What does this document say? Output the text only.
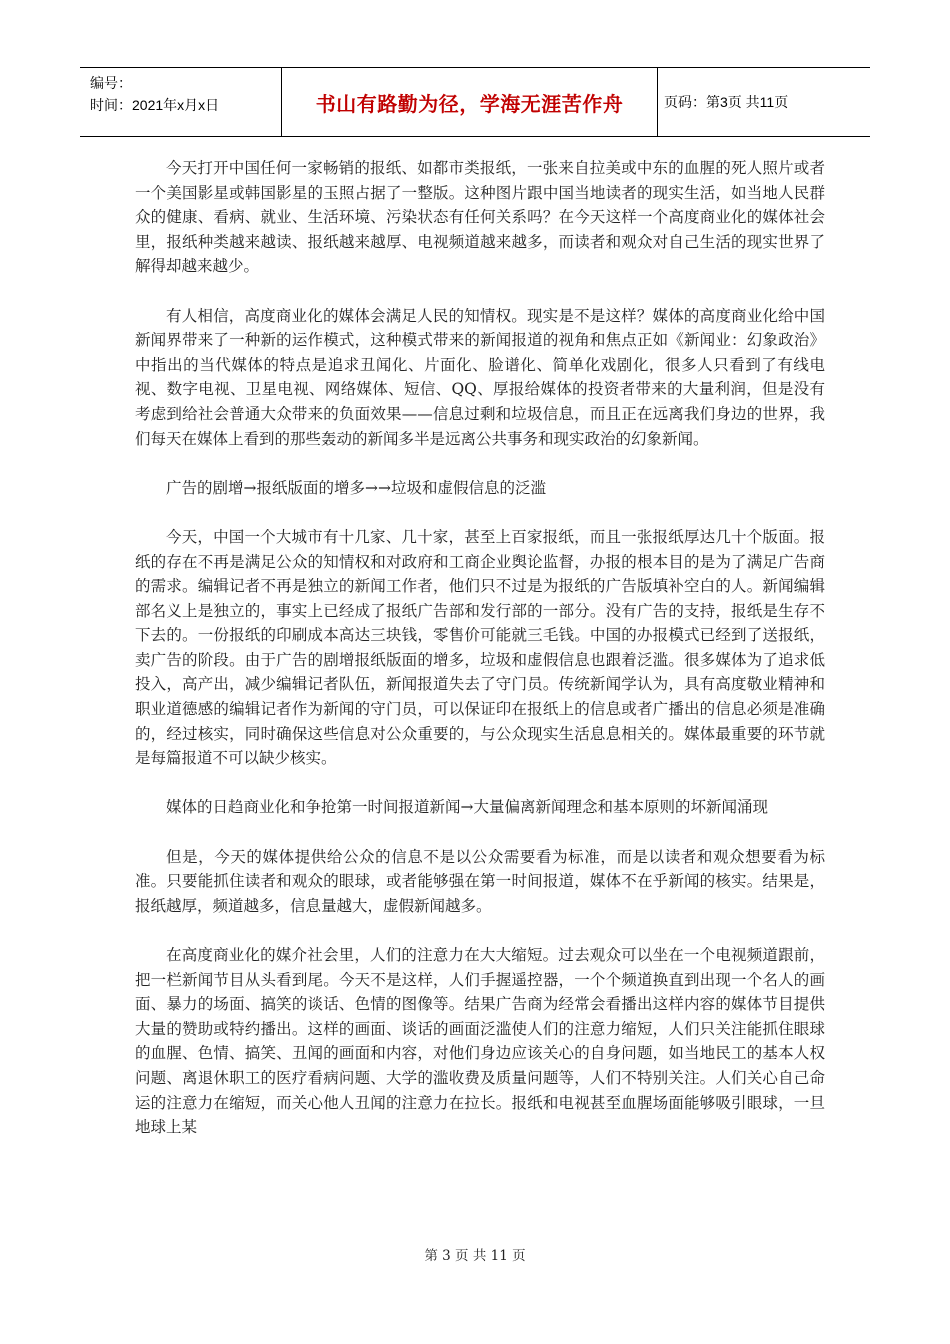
编号：
时间：2021年x月x日	书山有路勤为径，学海无涯苦作舟	页码：第3页 共11页

今天打开中国任何一家畅销的报纸、如都市类报纸，一张来自拉美或中东的血腥的死人照片或者一个美国影星或韩国影星的玉照占据了一整版。这种图片跟中国当地读者的现实生活，如当地人民群众的健康、看病、就业、生活环境、污染状态有任何关系吗？在今天这样一个高度商业化的媒体社会里，报纸种类越来越读、报纸越来越厚、电视频道越来越多，而读者和观众对自己生活的现实世界了解得却越来越少。

有人相信，高度商业化的媒体会满足人民的知情权。现实是不是这样？媒体的高度商业化给中国新闻界带来了一种新的运作模式，这种模式带来的新闻报道的视角和焦点正如《新闻业：幻象政治》中指出的当代媒体的特点是追求丑闻化、片面化、脸谱化、简单化戏剧化，很多人只看到了有线电视、数字电视、卫星电视、网络媒体、短信、QQ、厚报给媒体的投资者带来的大量利润，但是没有考虑到给社会普通大众带来的负面效果——信息过剩和垃圾信息，而且正在远离我们身边的世界，我们每天在媒体上看到的那些轰动的新闻多半是远离公共事务和现实政治的幻象新闻。

广告的剧增→报纸版面的增多→→垃圾和虚假信息的泛滥

今天，中国一个大城市有十几家、几十家，甚至上百家报纸，而且一张报纸厚达几十个版面。报纸的存在不再是满足公众的知情权和对政府和工商企业舆论监督，办报的根本目的是为了满足广告商的需求。编辑记者不再是独立的新闻工作者，他们只不过是为报纸的广告版填补空白的人。新闻编辑部名义上是独立的，事实上已经成了报纸广告部和发行部的一部分。没有广告的支持，报纸是生存不下去的。一份报纸的印刷成本高达三块钱，零售价可能就三毛钱。中国的办报模式已经到了送报纸，卖广告的阶段。由于广告的剧增报纸版面的增多，垃圾和虚假信息也跟着泛滥。很多媒体为了追求低投入，高产出，减少编辑记者队伍，新闻报道失去了守门员。传统新闻学认为，具有高度敬业精神和职业道德感的编辑记者作为新闻的守门员，可以保证印在报纸上的信息或者广播出的信息必须是准确的，经过核实，同时确保这些信息对公众重要的，与公众现实生活息息相关的。媒体最重要的环节就是每篇报道不可以缺少核实。

媒体的日趋商业化和争抢第一时间报道新闻→大量偏离新闻理念和基本原则的坏新闻涌现

但是，今天的媒体提供给公众的信息不是以公众需要看为标准，而是以读者和观众想要看为标准。只要能抓住读者和观众的眼球，或者能够强在第一时间报道，媒体不在乎新闻的核实。结果是，报纸越厚，频道越多，信息量越大，虚假新闻越多。

在高度商业化的媒介社会里，人们的注意力在大大缩短。过去观众可以坐在一个电视频道跟前，把一栏新闻节目从头看到尾。今天不是这样，人们手握遥控器，一个个频道换直到出现一个名人的画面、暴力的场面、搞笑的谈话、色情的图像等。结果广告商为经常会看播出这样内容的媒体节目提供大量的赞助或特约播出。这样的画面、谈话的画面泛滥使人们的注意力缩短，人们只关注能抓住眼球的血腥、色情、搞笑、丑闻的画面和内容，对他们身边应该关心的自身问题，如当地民工的基本人权问题、离退休职工的医疗看病问题、大学的滥收费及质量问题等，人们不特别关注。人们关心自己命运的注意力在缩短，而关心他人丑闻的注意力在拉长。报纸和电视甚至血腥场面能够吸引眼球，一旦地球上某

第 3 页 共 11 页
